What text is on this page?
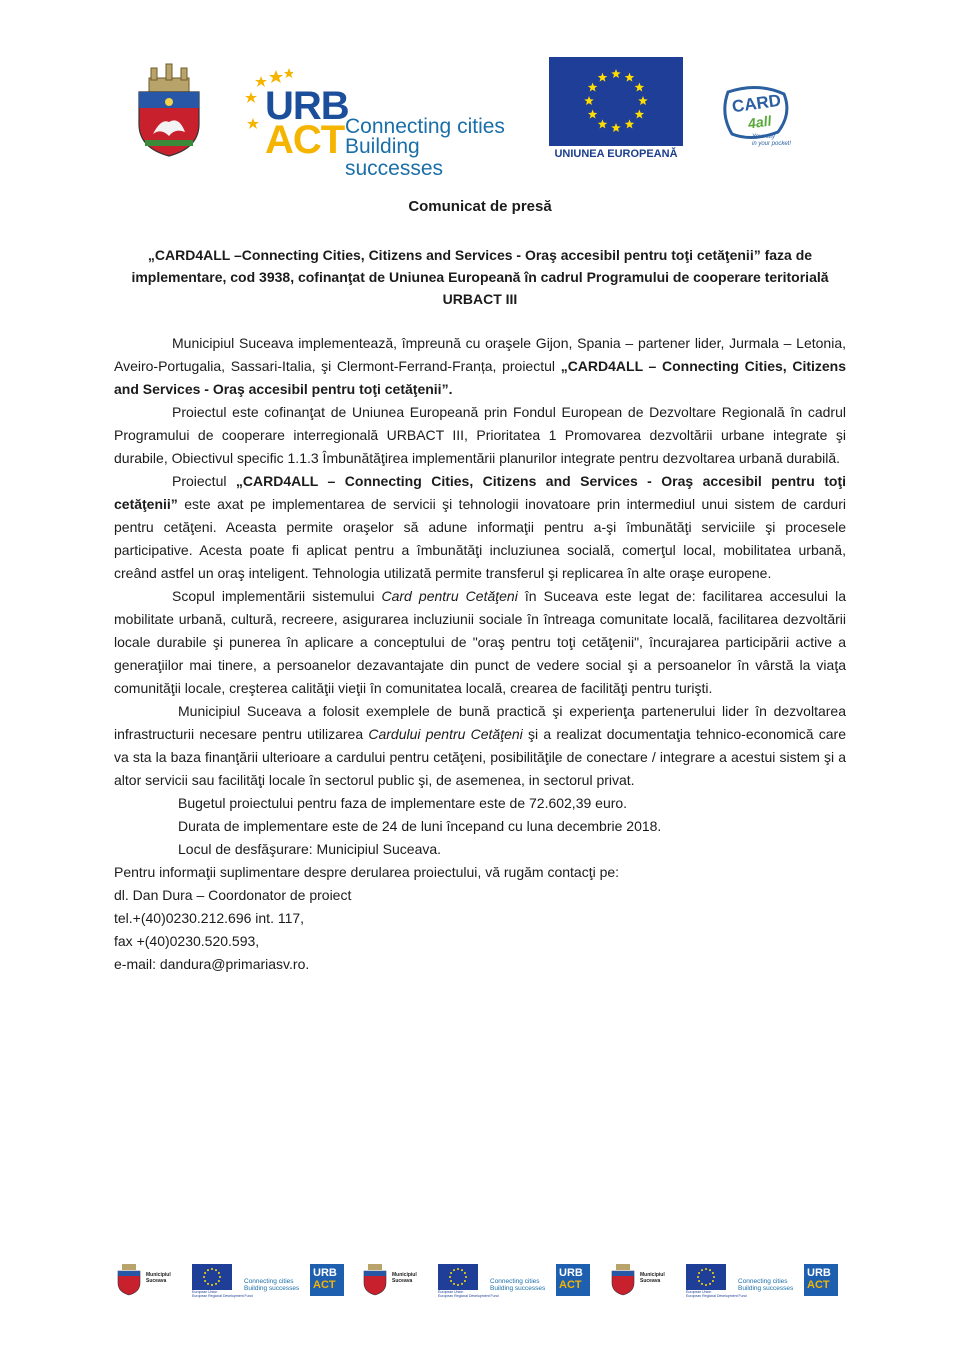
URB
ACT Connecting cities
Building successes
UNIUNEA EUROPEANĂ
CARD
4all
Your city
in your pocket!
Comunicat de presă
„CARD4ALL –Connecting Cities, Citizens and Services - Oraş accesibil pentru toţi cetăţenii” faza de implementare, cod 3938, cofinanţat de Uniunea Europeană în cadrul Programului de cooperare teritorială URBACT III

Municipiul Suceava implementează, împreună cu oraşele Gijon, Spania – partener lider, Jurmala – Letonia, Aveiro-Portugalia, Sassari-Italia, şi Clermont-Ferrand-Franța, proiectul „CARD4ALL – Connecting Cities, Citizens and Services - Oraş accesibil pentru toţi cetăţenii”.

Proiectul este cofinanţat de Uniunea Europeană prin Fondul European de Dezvoltare Regională în cadrul Programului de cooperare interregională URBACT III, Prioritatea 1 Promovarea dezvoltării urbane integrate şi durabile, Obiectivul specific 1.1.3 Îmbunătăţirea implementării planurilor integrate pentru dezvoltarea urbană durabilă.

Proiectul „CARD4ALL – Connecting Cities, Citizens and Services - Oraş accesibil pentru toţi cetăţenii” este axat pe implementarea de servicii şi tehnologii inovatoare prin intermediul unui sistem de carduri pentru cetăţeni. Aceasta permite oraşelor să adune informaţii pentru a-şi îmbunătăţi serviciile şi procesele participative. Acesta poate fi aplicat pentru a îmbunătăţi incluziunea socială, comerţul local, mobilitatea urbană, creând astfel un oraş inteligent. Tehnologia utilizată permite transferul şi replicarea în alte oraşe europene.

Scopul implementării sistemului Card pentru Cetăţeni în Suceava este legat de: facilitarea accesului la mobilitate urbană, cultură, recreere, asigurarea incluziunii sociale în întreaga comunitate locală, facilitarea dezvoltării locale durabile şi punerea în aplicare a conceptului de "oraş pentru toţi cetăţenii", încurajarea participării active a generaţiilor mai tinere, a persoanelor dezavantajate din punct de vedere social şi a persoanelor în vârstă la viaţa comunităţii locale, creşterea calităţii vieţii în comunitatea locală, crearea de facilităţi pentru turişti.

Municipiul Suceava a folosit exemplele de bună practică şi experienţa partenerului lider în dezvoltarea infrastructurii necesare pentru utilizarea Cardului pentru Cetăţeni şi a realizat documentaţia tehnico-economică care va sta la baza finanţării ulterioare a cardului pentru cetăţeni, posibilităţile de conectare / integrare a acestui sistem şi a altor servicii sau facilităţi locale în sectorul public şi, de asemenea, in sectorul privat.

Bugetul proiectului pentru faza de implementare este de 72.602,39 euro.

Durata de implementare este de 24 de luni începand cu luna decembrie 2018.

Locul de desfăşurare: Municipiul Suceava.

Pentru informaţii suplimentare despre derularea proiectului, vă rugăm contacţi pe:

dl. Dan Dura – Coordonator de proiect

tel.+(40)0230.212.696 int. 117,

fax +(40)0230.520.593,

e-mail: dandura@primariasv.ro.

Municipiul
Suceava
European Union
European Regional Development Fund
Connecting cities
Building successes
URB
ACT
Municipiul
Suceava
European Union
European Regional Development Fund
Connecting cities
Building successes
URB
ACT
Municipiul
Suceava
European Union
European Regional Development Fund
Connecting cities
Building successes
URB
ACT
